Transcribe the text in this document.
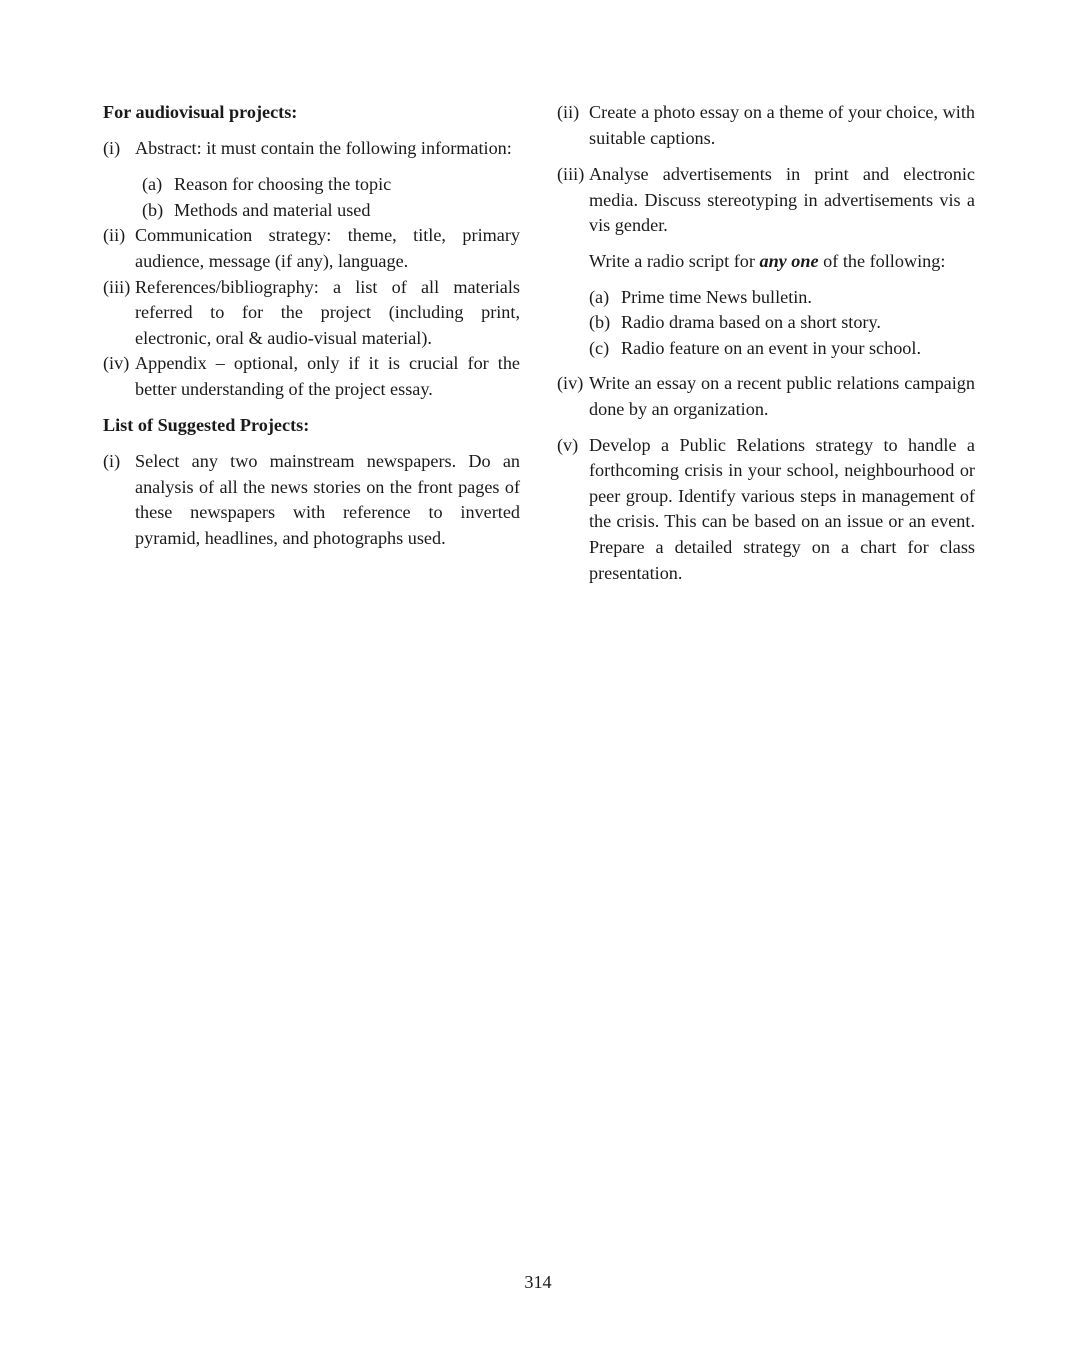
For audiovisual projects:

(i) Abstract: it must contain the following information:
(a) Reason for choosing the topic
(b) Methods and material used
(ii) Communication strategy: theme, title, primary audience, message (if any), language.
(iii) References/bibliography: a list of all materials referred to for the project (including print, electronic, oral & audio-visual material).
(iv) Appendix – optional, only if it is crucial for the better understanding of the project essay.

List of Suggested Projects:

(i) Select any two mainstream newspapers. Do an analysis of all the news stories on the front pages of these newspapers with reference to inverted pyramid, headlines, and photographs used.
(ii) Create a photo essay on a theme of your choice, with suitable captions.
(iii) Analyse advertisements in print and electronic media. Discuss stereotyping in advertisements vis a vis gender.
Write a radio script for any one of the following:
(a) Prime time News bulletin.
(b) Radio drama based on a short story.
(c) Radio feature on an event in your school.
(iv) Write an essay on a recent public relations campaign done by an organization.
(v) Develop a Public Relations strategy to handle a forthcoming crisis in your school, neighbourhood or peer group. Identify various steps in management of the crisis. This can be based on an issue or an event. Prepare a detailed strategy on a chart for class presentation.
314
